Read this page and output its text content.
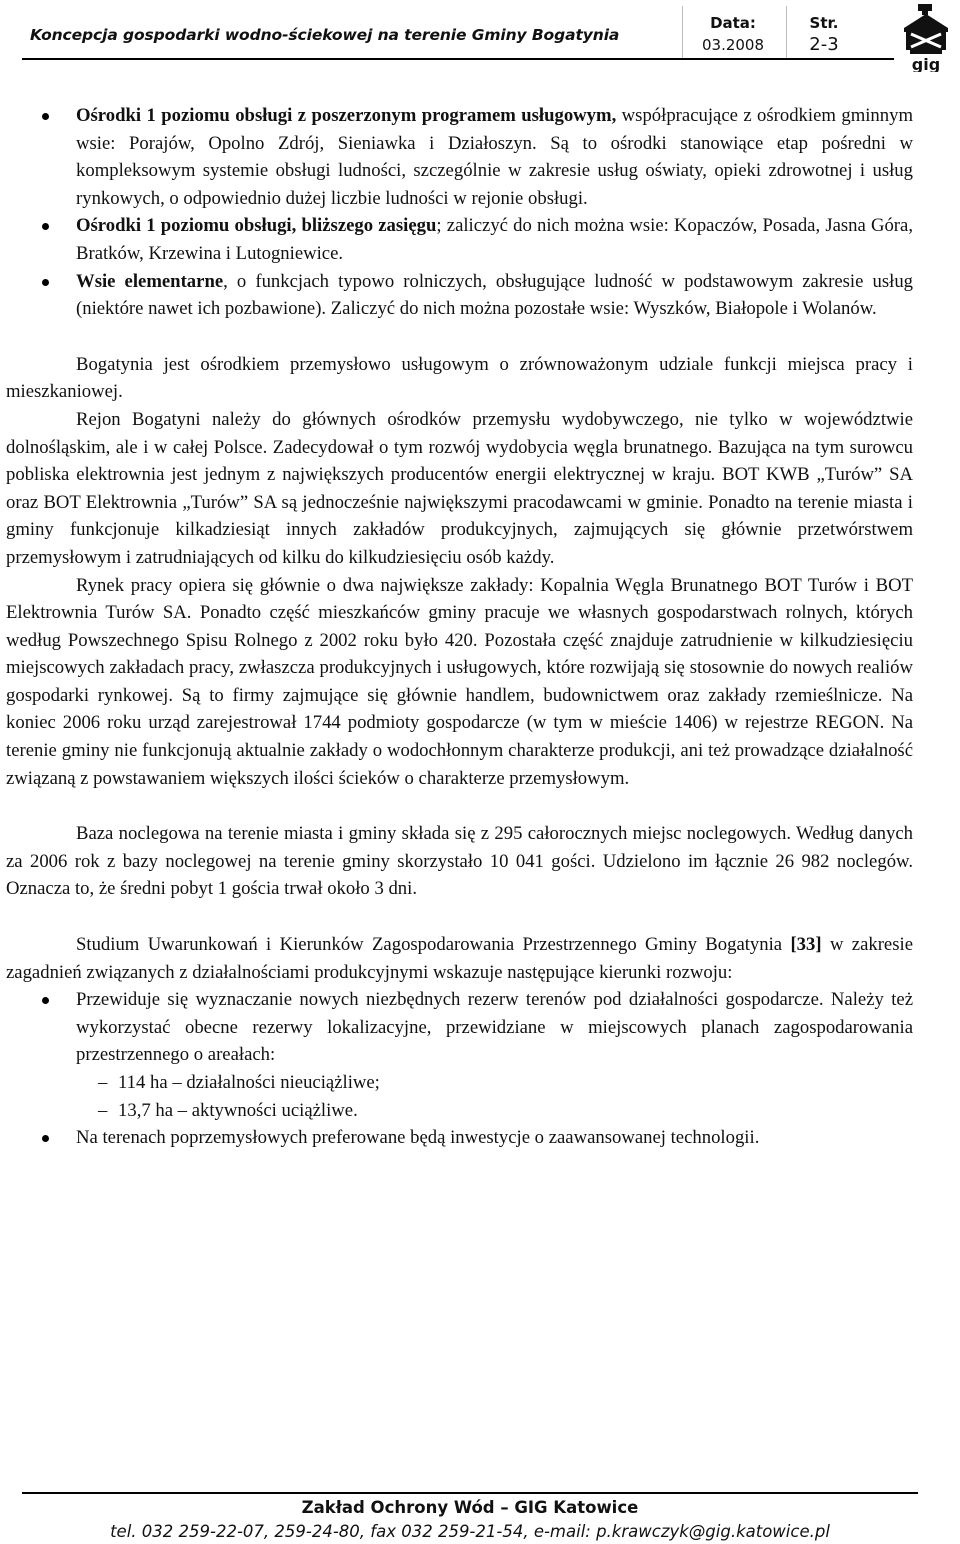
Koncepcja gospodarki wodno-ściekowej na terenie Gminy Bogatynia
Data:
03.2008
Str.
2-3
gig
Ośrodki 1 poziomu obsługi z poszerzonym programem usługowym, współpracujące z ośrodkiem gminnym wsie: Porajów, Opolno Zdrój, Sieniawka i Działoszyn. Są to ośrodki stanowiące etap pośredni w kompleksowym systemie obsługi ludności, szczególnie w zakresie usług oświaty, opieki zdrowotnej i usług rynkowych, o odpowiednio dużej liczbie ludności w rejonie obsługi.
Ośrodki 1 poziomu obsługi, bliższego zasięgu; zaliczyć do nich można wsie: Kopaczów, Posada, Jasna Góra, Bratków, Krzewina i Lutogniewice.
Wsie elementarne, o funkcjach typowo rolniczych, obsługujące ludność w podstawowym zakresie usług (niektóre nawet ich pozbawione). Zaliczyć do nich można pozostałe wsie: Wyszków, Białopole i Wolanów.

Bogatynia jest ośrodkiem przemysłowo usługowym o zrównoważonym udziale funkcji miejsca pracy i mieszkaniowej.

Rejon Bogatyni należy do głównych ośrodków przemysłu wydobywczego, nie tylko w województwie dolnośląskim, ale i w całej Polsce. Zadecydował o tym rozwój wydobycia węgla brunatnego. Bazująca na tym surowcu pobliska elektrownia jest jednym z największych producentów energii elektrycznej w kraju. BOT KWB „Turów” SA oraz BOT Elektrownia „Turów” SA są jednocześnie największymi pracodawcami w gminie. Ponadto na terenie miasta i gminy funkcjonuje kilkadziesiąt innych zakładów produkcyjnych, zajmujących się głównie przetwórstwem przemysłowym i zatrudniających od kilku do kilkudziesięciu osób każdy.

Rynek pracy opiera się głównie o dwa największe zakłady: Kopalnia Węgla Brunatnego BOT Turów i BOT Elektrownia Turów SA. Ponadto część mieszkańców gminy pracuje we własnych gospodarstwach rolnych, których według Powszechnego Spisu Rolnego z 2002 roku było 420. Pozostała część znajduje zatrudnienie w kilkudziesięciu miejscowych zakładach pracy, zwłaszcza produkcyjnych i usługowych, które rozwijają się stosownie do nowych realiów gospodarki rynkowej. Są to firmy zajmujące się głównie handlem, budownictwem oraz zakłady rzemieślnicze. Na koniec 2006 roku urząd zarejestrował 1744 podmioty gospodarcze (w tym w mieście 1406) w rejestrze REGON. Na terenie gminy nie funkcjonują aktualnie zakłady o wodochłonnym charakterze produkcji, ani też prowadzące działalność związaną z powstawaniem większych ilości ścieków o charakterze przemysłowym.

Baza noclegowa na terenie miasta i gminy składa się z 295 całorocznych miejsc noclegowych. Według danych za 2006 rok z bazy noclegowej na terenie gminy skorzystało 10 041 gości. Udzielono im łącznie 26 982 noclegów. Oznacza to, że średni pobyt 1 gościa trwał około 3 dni.

Studium Uwarunkowań i Kierunków Zagospodarowania Przestrzennego Gminy Bogatynia [33] w zakresie zagadnień związanych z działalnościami produkcyjnymi wskazuje następujące kierunki rozwoju:

Przewiduje się wyznaczanie nowych niezbędnych rezerw terenów pod działalności gospodarcze. Należy też wykorzystać obecne rezerwy lokalizacyjne, przewidziane w miejscowych planach zagospodarowania przestrzennego o areałach:
– 114 ha – działalności nieuciążliwe;
– 13,7 ha – aktywności uciążliwe.
Na terenach poprzemysłowych preferowane będą inwestycje o zaawansowanej technologii.
Zakład Ochrony Wód – GIG Katowice
tel. 032 259-22-07, 259-24-80, fax 032 259-21-54, e-mail: p.krawczyk@gig.katowice.pl
